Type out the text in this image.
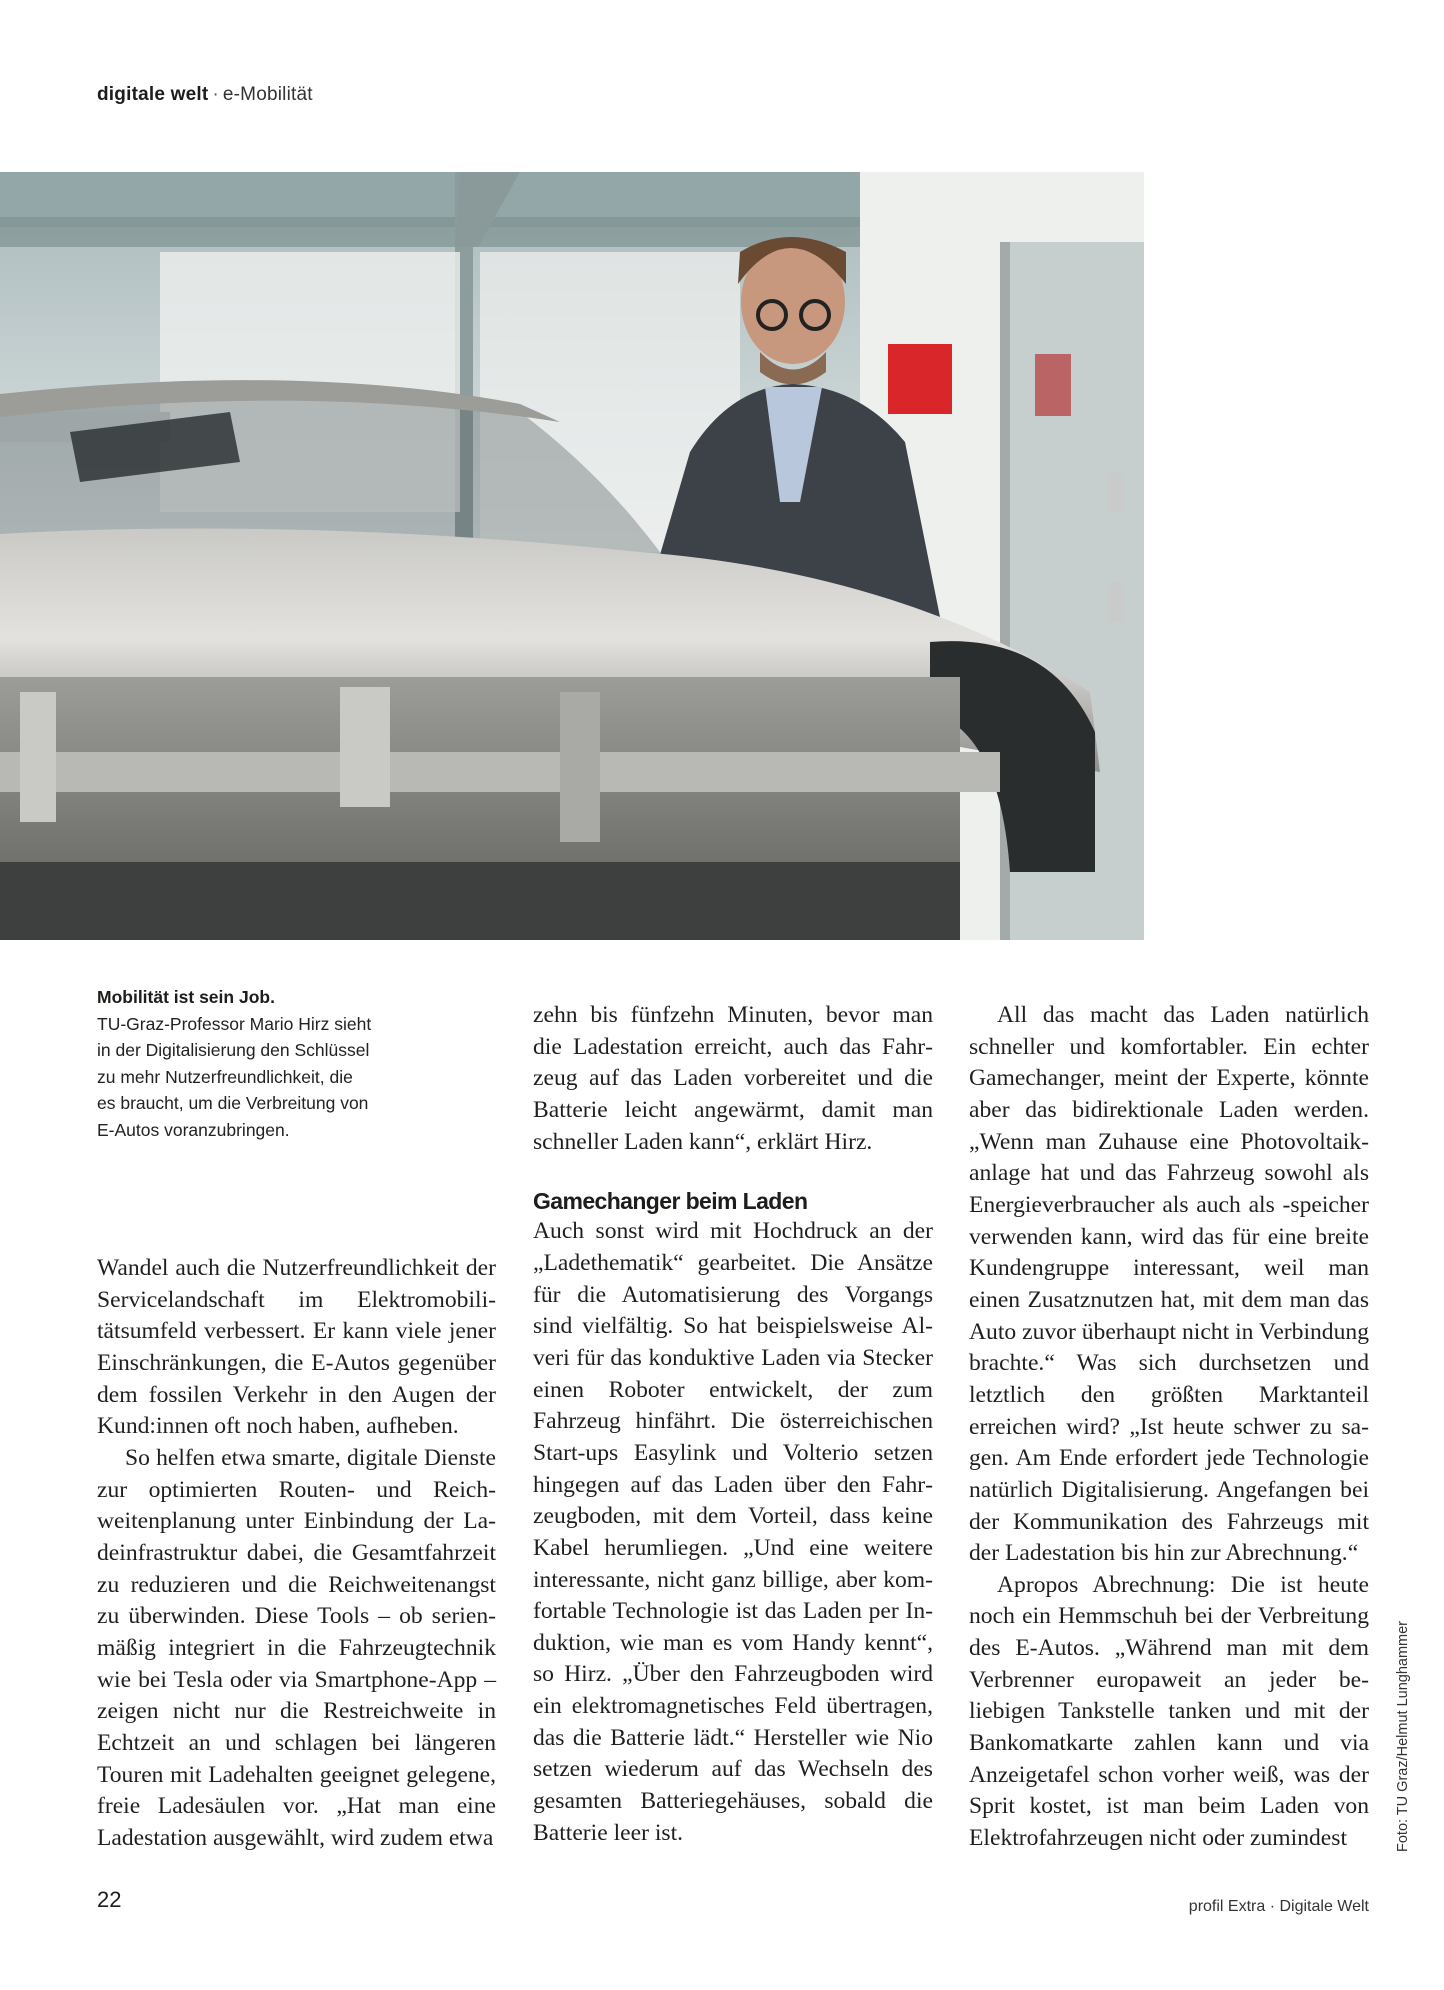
digitale welt · e-Mobilität
Mobilität ist sein Job.
TU-Graz-Professor Mario Hirz sieht
in der Digitalisierung den Schlüssel
zu mehr Nutzerfreundlichkeit, die
es braucht, um die Verbreitung von
E-Autos voranzubringen.

Wandel auch die Nutzerfreundlichkeit der Servicelandschaft im Elektromobilitätsumfeld verbessert. Er kann viele jener Einschränkungen, die E-Autos gegenüber dem fossilen Verkehr in den Augen der Kund:innen oft noch haben, aufheben.

So helfen etwa smarte, digitale Dienste zur optimierten Routen- und Reichweitenplanung unter Einbindung der Ladeinfrastruktur dabei, die Gesamtfahrzeit zu reduzieren und die Reichweitenangst zu überwinden. Diese Tools – ob serienmäßig integriert in die Fahrzeugtechnik wie bei Tesla oder via Smartphone-App – zeigen nicht nur die Restreichweite in Echtzeit an und schlagen bei längeren Touren mit Ladehalten geeignet gelegene, freie Ladesäulen vor. „Hat man eine Ladestation ausgewählt, wird zudem etwa

zehn bis fünfzehn Minuten, bevor man die Ladestation erreicht, auch das Fahrzeug auf das Laden vorbereitet und die Batterie leicht angewärmt, damit man schneller Laden kann“, erklärt Hirz.

Gamechanger beim Laden

Auch sonst wird mit Hochdruck an der „Ladethematik“ gearbeitet. Die Ansätze für die Automatisierung des Vorgangs sind vielfältig. So hat beispielsweise Alveri für das konduktive Laden via Stecker einen Roboter entwickelt, der zum Fahrzeug hinfährt. Die österreichischen Start-ups Easylink und Volterio setzen hingegen auf das Laden über den Fahrzeugboden, mit dem Vorteil, dass keine Kabel herumliegen. „Und eine weitere interessante, nicht ganz billige, aber komfortable Technologie ist das Laden per Induktion, wie man es vom Handy kennt“, so Hirz. „Über den Fahrzeugboden wird ein elektromagnetisches Feld übertragen, das die Batterie lädt.“ Hersteller wie Nio setzen wiederum auf das Wechseln des gesamten Batteriegehäuses, sobald die Batterie leer ist.

All das macht das Laden natürlich schneller und komfortabler. Ein echter Gamechanger, meint der Experte, könnte aber das bidirektionale Laden werden. „Wenn man Zuhause eine Photovoltaikanlage hat und das Fahrzeug sowohl als Energieverbraucher als auch als -speicher verwenden kann, wird das für eine breite Kundengruppe interessant, weil man einen Zusatznutzen hat, mit dem man das Auto zuvor überhaupt nicht in Verbindung brachte.“ Was sich durchsetzen und letztlich den größten Marktanteil erreichen wird? „Ist heute schwer zu sagen. Am Ende erfordert jede Technologie natürlich Digitalisierung. Angefangen bei der Kommunikation des Fahrzeugs mit der Ladestation bis hin zur Abrechnung.“

Apropos Abrechnung: Die ist heute noch ein Hemmschuh bei der Verbreitung des E-Autos. „Während man mit dem Verbrenner europaweit an jeder beliebigen Tankstelle tanken und mit der Bankomatkarte zahlen kann und via Anzeigetafel schon vorher weiß, was der Sprit kostet, ist man beim Laden von Elektrofahrzeugen nicht oder zumindest	Foto: TU Graz/Helmut Lunghammer
22	profil Extra · Digitale Welt
